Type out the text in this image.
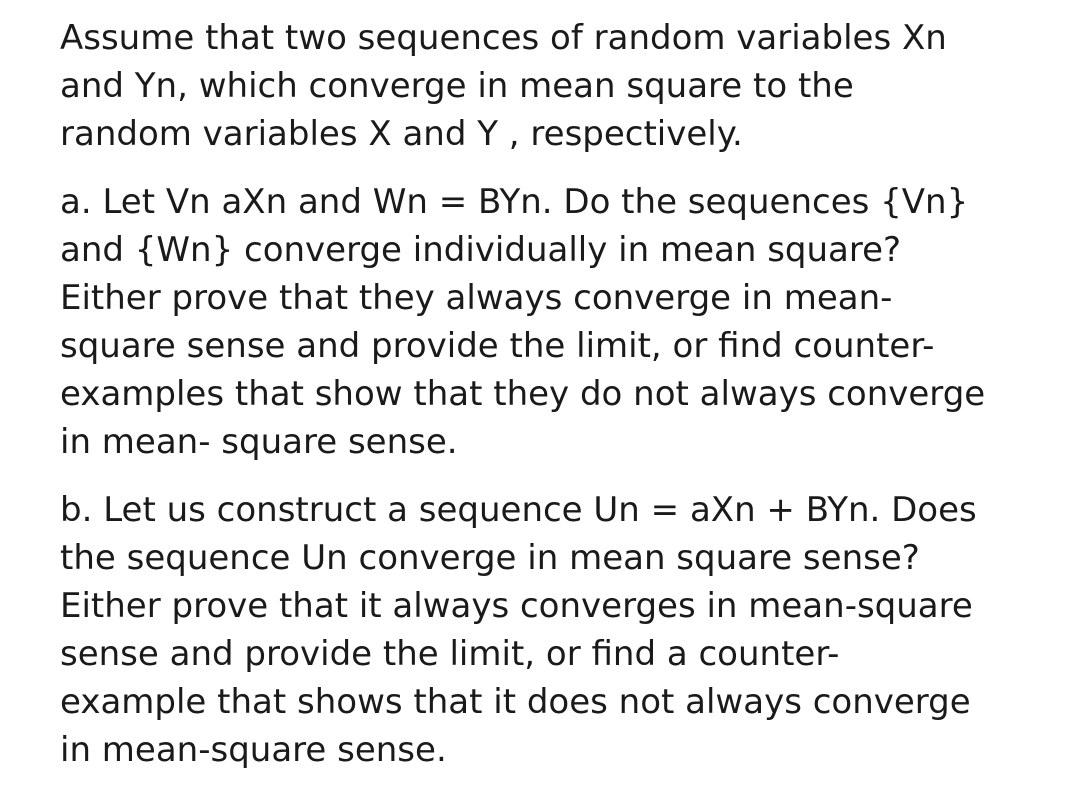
Assume that two sequences of random variables Xn
and Yn, which converge in mean square to the
random variables X and Y , respectively.

a. Let Vn aXn and Wn = BYn. Do the sequences {Vn}
and {Wn} converge individually in mean square?
Either prove that they always converge in mean-
square sense and provide the limit, or find counter-
examples that show that they do not always converge
in mean- square sense.

b. Let us construct a sequence Un = aXn + BYn. Does
the sequence Un converge in mean square sense?
Either prove that it always converges in mean-square
sense and provide the limit, or find a counter-
example that shows that it does not always converge
in mean-square sense.
